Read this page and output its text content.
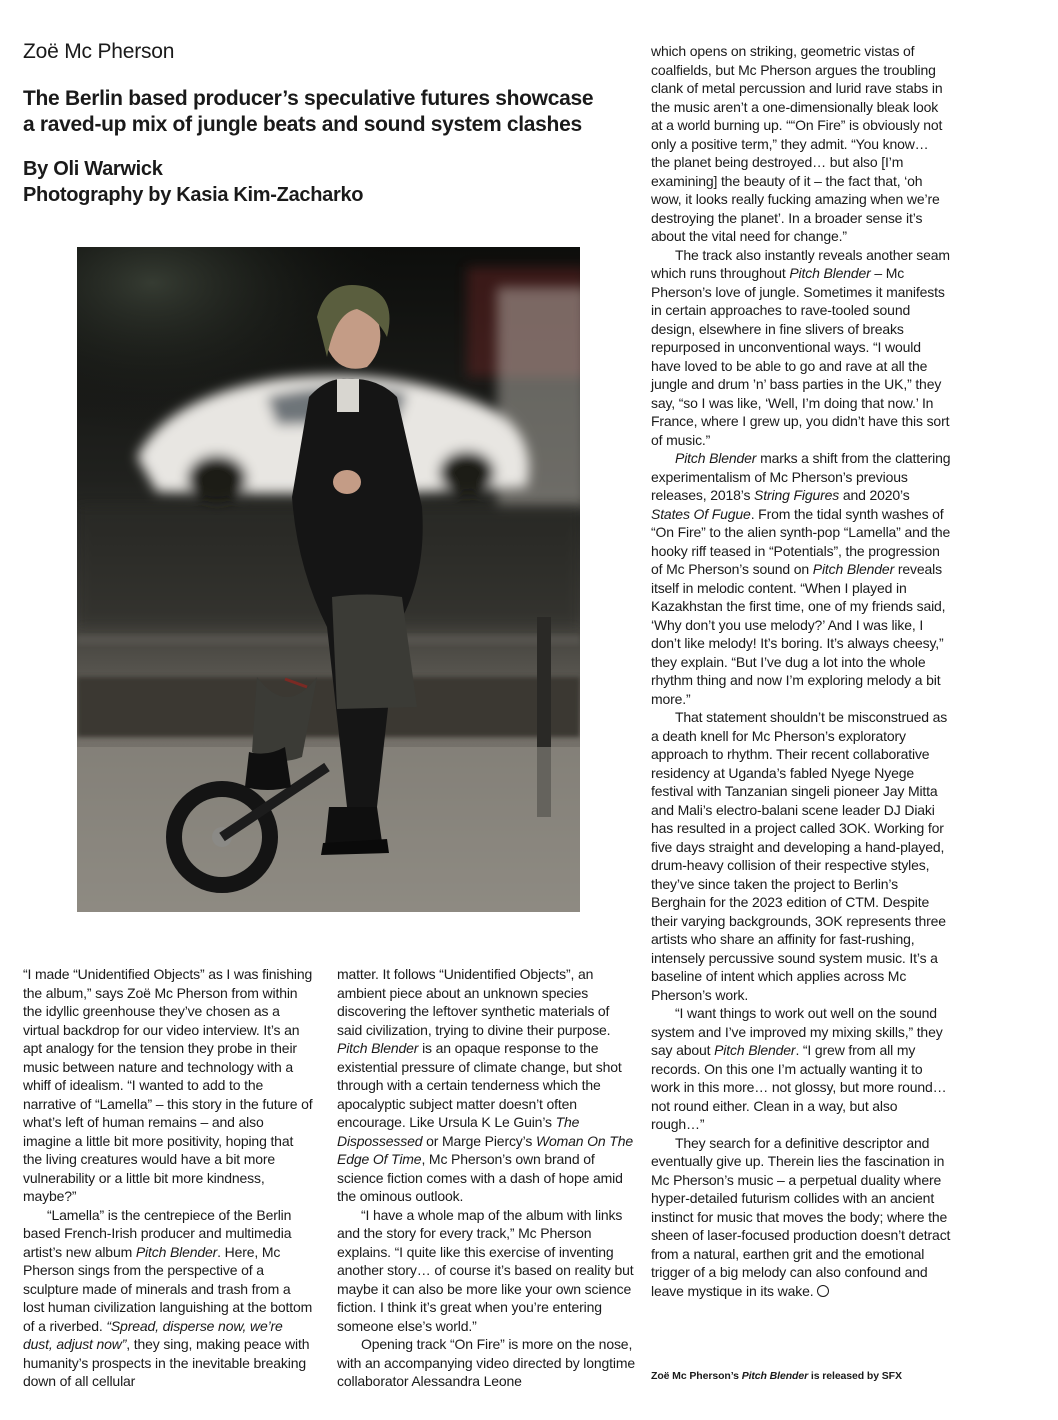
Zoë Mc Pherson
The Berlin based producer’s speculative futures showcase
a raved-up mix of jungle beats and sound system clashes
By Oli Warwick
Photography by Kasia Kim-Zacharko

“I made “Unidentified Objects” as I was finishing the album,” says Zoë Mc Pherson from within the idyllic greenhouse they’ve chosen as a virtual backdrop for our video interview. It’s an apt analogy for the tension they probe in their music between nature and technology with a whiff of idealism. “I wanted to add to the narrative of “Lamella” – this story in the future of what’s left of human remains – and also imagine a little bit more positivity, hoping that the living creatures would have a bit more vulnerability or a little bit more kindness, maybe?”

“Lamella” is the centrepiece of the Berlin based French-Irish producer and multimedia artist’s new album Pitch Blender. Here, Mc Pherson sings from the perspective of a sculpture made of minerals and trash from a lost human civilization languishing at the bottom of a riverbed. “Spread, disperse now, we’re dust, adjust now”, they sing, making peace with humanity’s prospects in the inevitable breaking down of all cellular

matter. It follows “Unidentified Objects”, an ambient piece about an unknown species discovering the leftover synthetic materials of said civilization, trying to divine their purpose. Pitch Blender is an opaque response to the existential pressure of climate change, but shot through with a certain tenderness which the apocalyptic subject matter doesn’t often encourage. Like Ursula K Le Guin’s The Dispossessed or Marge Piercy’s Woman On The Edge Of Time, Mc Pherson’s own brand of science fiction comes with a dash of hope amid the ominous outlook.

“I have a whole map of the album with links and the story for every track,” Mc Pherson explains. “I quite like this exercise of inventing another story… of course it’s based on reality but maybe it can also be more like your own science fiction. I think it’s great when you’re entering someone else’s world.”

Opening track “On Fire” is more on the nose, with an accompanying video directed by longtime collaborator Alessandra Leone

which opens on striking, geometric vistas of coalfields, but Mc Pherson argues the troubling clank of metal percussion and lurid rave stabs in the music aren’t a one-dimensionally bleak look at a world burning up. ““On Fire” is obviously not only a positive term,” they admit. “You know… the planet being destroyed… but also [I’m examining] the beauty of it – the fact that, ‘oh wow, it looks really fucking amazing when we’re destroying the planet’. In a broader sense it’s about the vital need for change.”

The track also instantly reveals another seam which runs throughout Pitch Blender – Mc Pherson’s love of jungle. Sometimes it manifests in certain approaches to rave-tooled sound design, elsewhere in fine slivers of breaks repurposed in unconventional ways. “I would have loved to be able to go and rave at all the jungle and drum ’n’ bass parties in the UK,” they say, “so I was like, ‘Well, I’m doing that now.’ In France, where I grew up, you didn’t have this sort of music.”

Pitch Blender marks a shift from the clattering experimentalism of Mc Pherson’s previous releases, 2018’s String Figures and 2020’s States Of Fugue. From the tidal synth washes of “On Fire” to the alien synth-pop “Lamella” and the hooky riff teased in “Potentials”, the progression of Mc Pherson’s sound on Pitch Blender reveals itself in melodic content. “When I played in Kazakhstan the first time, one of my friends said, ‘Why don’t you use melody?’ And I was like, I don’t like melody! It’s boring. It’s always cheesy,” they explain. “But I’ve dug a lot into the whole rhythm thing and now I’m exploring melody a bit more.”

That statement shouldn’t be misconstrued as a death knell for Mc Pherson’s exploratory approach to rhythm. Their recent collaborative residency at Uganda’s fabled Nyege Nyege festival with Tanzanian singeli pioneer Jay Mitta and Mali’s electro-balani scene leader DJ Diaki has resulted in a project called 3OK. Working for five days straight and developing a hand-played, drum-heavy collision of their respective styles, they’ve since taken the project to Berlin’s Berghain for the 2023 edition of CTM. Despite their varying backgrounds, 3OK represents three artists who share an affinity for fast-rushing, intensely percussive sound system music. It’s a baseline of intent which applies across Mc Pherson’s work.

“I want things to work out well on the sound system and I’ve improved my mixing skills,” they say about Pitch Blender. “I grew from all my records. On this one I’m actually wanting it to work in this more… not glossy, but more round… not round either. Clean in a way, but also rough…”

They search for a definitive descriptor and eventually give up. Therein lies the fascination in Mc Pherson’s music – a perpetual duality where hyper-detailed futurism collides with an ancient instinct for music that moves the body; where the sheen of laser-focused production doesn’t detract from a natural, earthen grit and the emotional trigger of a big melody can also confound and leave mystique in its wake.

Zoë Mc Pherson’s Pitch Blender is released by SFX
